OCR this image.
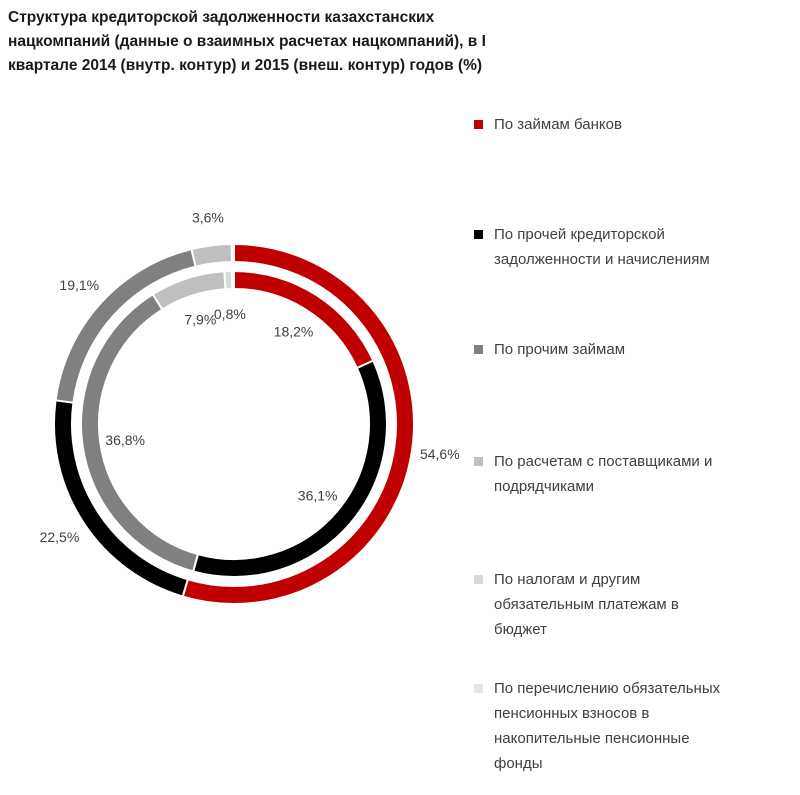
Структура кредиторской задолженности казахстанских
нацкомпаний (данные о взаимных расчетах нацкомпаний), в I
квартале 2014 (внутр. контур) и 2015 (внеш. контур) годов (%)
18,2%
36,1%
36,8%
7,9%
0,8%
54,6%
22,5%
19,1%
3,6%
По займам банков
По прочей кредиторской
задолженности и начислениям
По прочим займам
По расчетам с поставщиками и
подрядчиками
По налогам и другим
обязательным платежам в
бюджет
По перечислению обязательных
пенсионных взносов в
накопительные пенсионные
фонды
